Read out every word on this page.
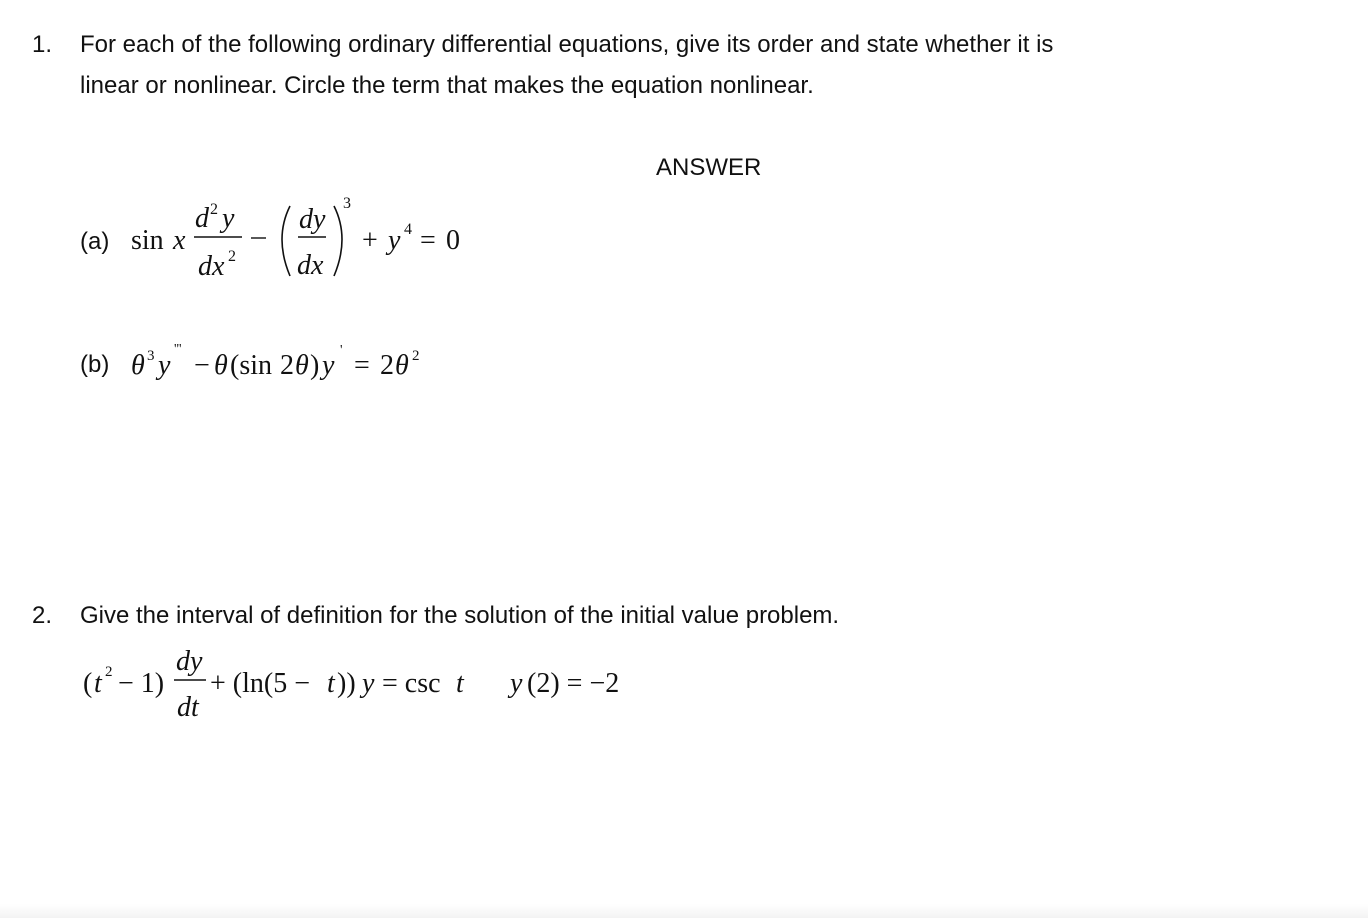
1. For each of the following ordinary differential equations, give its order and state whether it is
linear or nonlinear. Circle the term that makes the equation nonlinear.
ANSWER
(a) sin x
d 2 y
dx 2
dy
dx
3
+ y 4 = 0
(b) θ 3 y
'''
− θ (sin 2 θ ) y ' = 2 θ 2
2. Give the interval of definition for the solution of the initial value problem.
( t 2 − 1)
dy
dt
+ (ln(5 − t )) y = csc t y (2) = −2
